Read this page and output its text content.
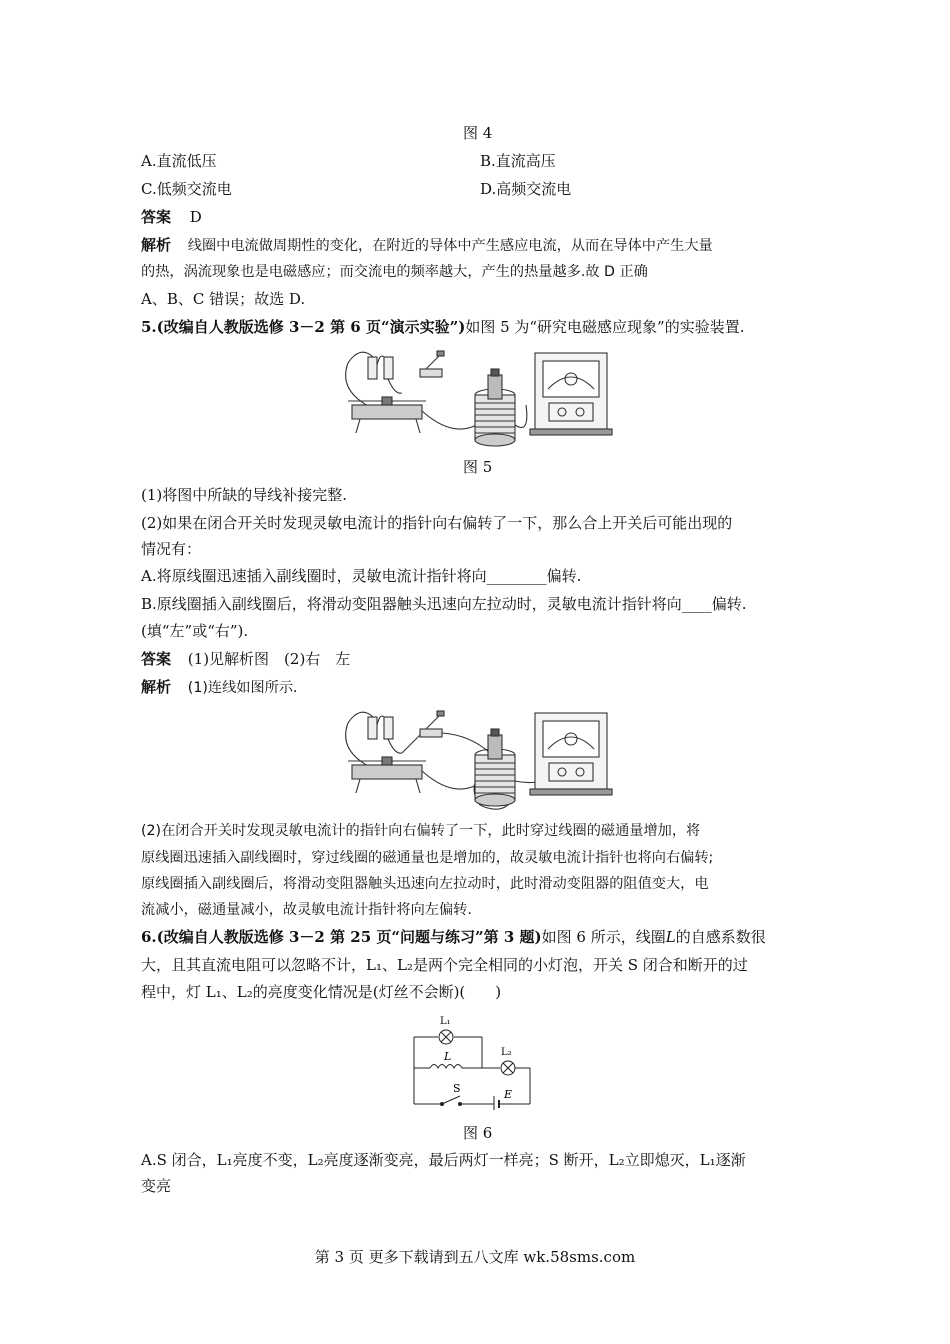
图 4
A.直流低压	B.直流高压
C.低频交流电	D.高频交流电
答案 D
解析 线圈中电流做周期性的变化，在附近的导体中产生感应电流，从而在导体中产生大量
的热，涡流现象也是电磁感应；而交流电的频率越大，产生的热量越多.故 D 正确
A、B、C 错误；故选 D.
5.(改编自人教版选修 3－2 第 6 页“演示实验”)如图 5 为“研究电磁感应现象”的实验装置.
图 5
(1)将图中所缺的导线补接完整.
(2)如果在闭合开关时发现灵敏电流计的指针向右偏转了一下，那么合上开关后可能出现的
情况有：
A.将原线圈迅速插入副线圈时，灵敏电流计指针将向________偏转.
B.原线圈插入副线圈后，将滑动变阻器触头迅速向左拉动时，灵敏电流计指针将向____偏转.
(填“左”或“右”).
答案 (1)见解析图　(2)右　左
解析 (1)连线如图所示.
(2)在闭合开关时发现灵敏电流计的指针向右偏转了一下，此时穿过线圈的磁通量增加，将
原线圈迅速插入副线圈时，穿过线圈的磁通量也是增加的，故灵敏电流计指针也将向右偏转;
原线圈插入副线圈后，将滑动变阻器触头迅速向左拉动时，此时滑动变阻器的阻值变大，电
流减小，磁通量减小，故灵敏电流计指针将向左偏转.
6.(改编自人教版选修 3－2 第 25 页“问题与练习”第 3 题)如图 6 所示，线圈L的自感系数很
大，且其直流电阻可以忽略不计，L₁、L₂是两个完全相同的小灯泡，开关 S 闭合和断开的过
程中，灯 L₁、L₂的亮度变化情况是(灯丝不会断)(　　)
L₁
L	L₂
S	E
图 6
A.S 闭合，L₁亮度不变，L₂亮度逐渐变亮，最后两灯一样亮；S 断开，L₂立即熄灭，L₁逐渐
变亮
第 3 页 更多下载请到五八文库 wk.58sms.com
